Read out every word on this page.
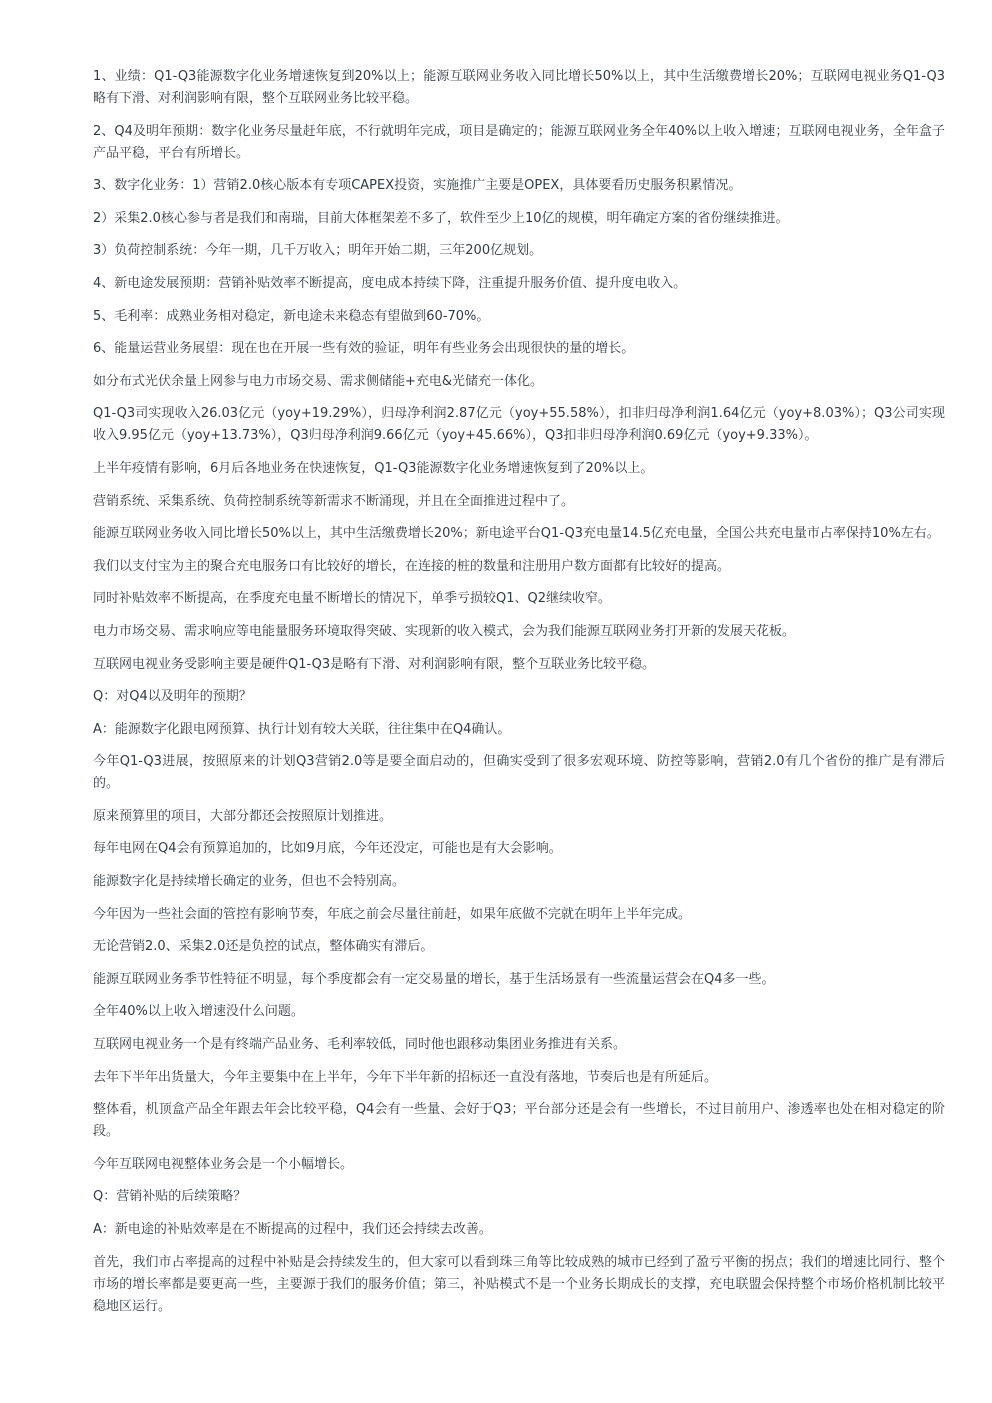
1、业绩：Q1-Q3能源数字化业务增速恢复到20%以上；能源互联网业务收入同比增长50%以上，其中生活缴费增长20%；互联网电视业务Q1-Q3略有下滑、对利润影响有限，整个互联网业务比较平稳。

2、Q4及明年预期：数字化业务尽量赶年底，不行就明年完成，项目是确定的；能源互联网业务全年40%以上收入增速；互联网电视业务，全年盒子产品平稳，平台有所增长。

3、数字化业务：1）营销2.0核心版本有专项CAPEX投资，实施推广主要是OPEX，具体要看历史服务积累情况。

2）采集2.0核心参与者是我们和南瑞，目前大体框架差不多了，软件至少上10亿的规模，明年确定方案的省份继续推进。

3）负荷控制系统：今年一期，几千万收入；明年开始二期，三年200亿规划。

4、新电途发展预期：营销补贴效率不断提高，度电成本持续下降，注重提升服务价值、提升度电收入。

5、毛利率：成熟业务相对稳定，新电途未来稳态有望做到60-70%。

6、能量运营业务展望：现在也在开展一些有效的验证，明年有些业务会出现很快的量的增长。

如分布式光伏余量上网参与电力市场交易、需求侧储能+充电&光储充一体化。

Q1-Q3司实现收入26.03亿元（yoy+19.29%），归母净利润2.87亿元（yoy+55.58%），扣非归母净利润1.64亿元（yoy+8.03%）；Q3公司实现收入9.95亿元（yoy+13.73%），Q3归母净利润9.66亿元（yoy+45.66%），Q3扣非归母净利润0.69亿元（yoy+9.33%）。

上半年疫情有影响，6月后各地业务在快速恢复，Q1-Q3能源数字化业务增速恢复到了20%以上。

营销系统、采集系统、负荷控制系统等新需求不断涌现，并且在全面推进过程中了。

能源互联网业务收入同比增长50%以上，其中生活缴费增长20%；新电途平台Q1-Q3充电量14.5亿充电量，全国公共充电量市占率保持10%左右。

我们以支付宝为主的聚合充电服务口有比较好的增长，在连接的桩的数量和注册用户数方面都有比较好的提高。

同时补贴效率不断提高，在季度充电量不断增长的情况下，单季亏损较Q1、Q2继续收窄。

电力市场交易、需求响应等电能量服务环境取得突破、实现新的收入模式，会为我们能源互联网业务打开新的发展天花板。

互联网电视业务受影响主要是硬件Q1-Q3是略有下滑、对利润影响有限，整个互联业务比较平稳。

Q：对Q4以及明年的预期？

A：能源数字化跟电网预算、执行计划有较大关联，往往集中在Q4确认。

今年Q1-Q3进展，按照原来的计划Q3营销2.0等是要全面启动的，但确实受到了很多宏观环境、防控等影响，营销2.0有几个省份的推广是有滞后的。

原来预算里的项目，大部分都还会按照原计划推进。

每年电网在Q4会有预算追加的，比如9月底，今年还没定，可能也是有大会影响。

能源数字化是持续增长确定的业务，但也不会特别高。

今年因为一些社会面的管控有影响节奏，年底之前会尽量往前赶，如果年底做不完就在明年上半年完成。

无论营销2.0、采集2.0还是负控的试点，整体确实有滞后。

能源互联网业务季节性特征不明显，每个季度都会有一定交易量的增长，基于生活场景有一些流量运营会在Q4多一些。

全年40%以上收入增速没什么问题。

互联网电视业务一个是有终端产品业务、毛利率较低，同时他也跟移动集团业务推进有关系。

去年下半年出货量大，今年主要集中在上半年，今年下半年新的招标还一直没有落地，节奏后也是有所延后。

整体看，机顶盒产品全年跟去年会比较平稳，Q4会有一些量、会好于Q3；平台部分还是会有一些增长，不过目前用户、渗透率也处在相对稳定的阶段。

今年互联网电视整体业务会是一个小幅增长。

Q：营销补贴的后续策略？

A：新电途的补贴效率是在不断提高的过程中，我们还会持续去改善。

首先，我们市占率提高的过程中补贴是会持续发生的，但大家可以看到珠三角等比较成熟的城市已经到了盈亏平衡的拐点；我们的增速比同行、整个市场的增长率都是要更高一些，主要源于我们的服务价值；第三，补贴模式不是一个业务长期成长的支撑，充电联盟会保持整个市场价格机制比较平稳地区运行。
